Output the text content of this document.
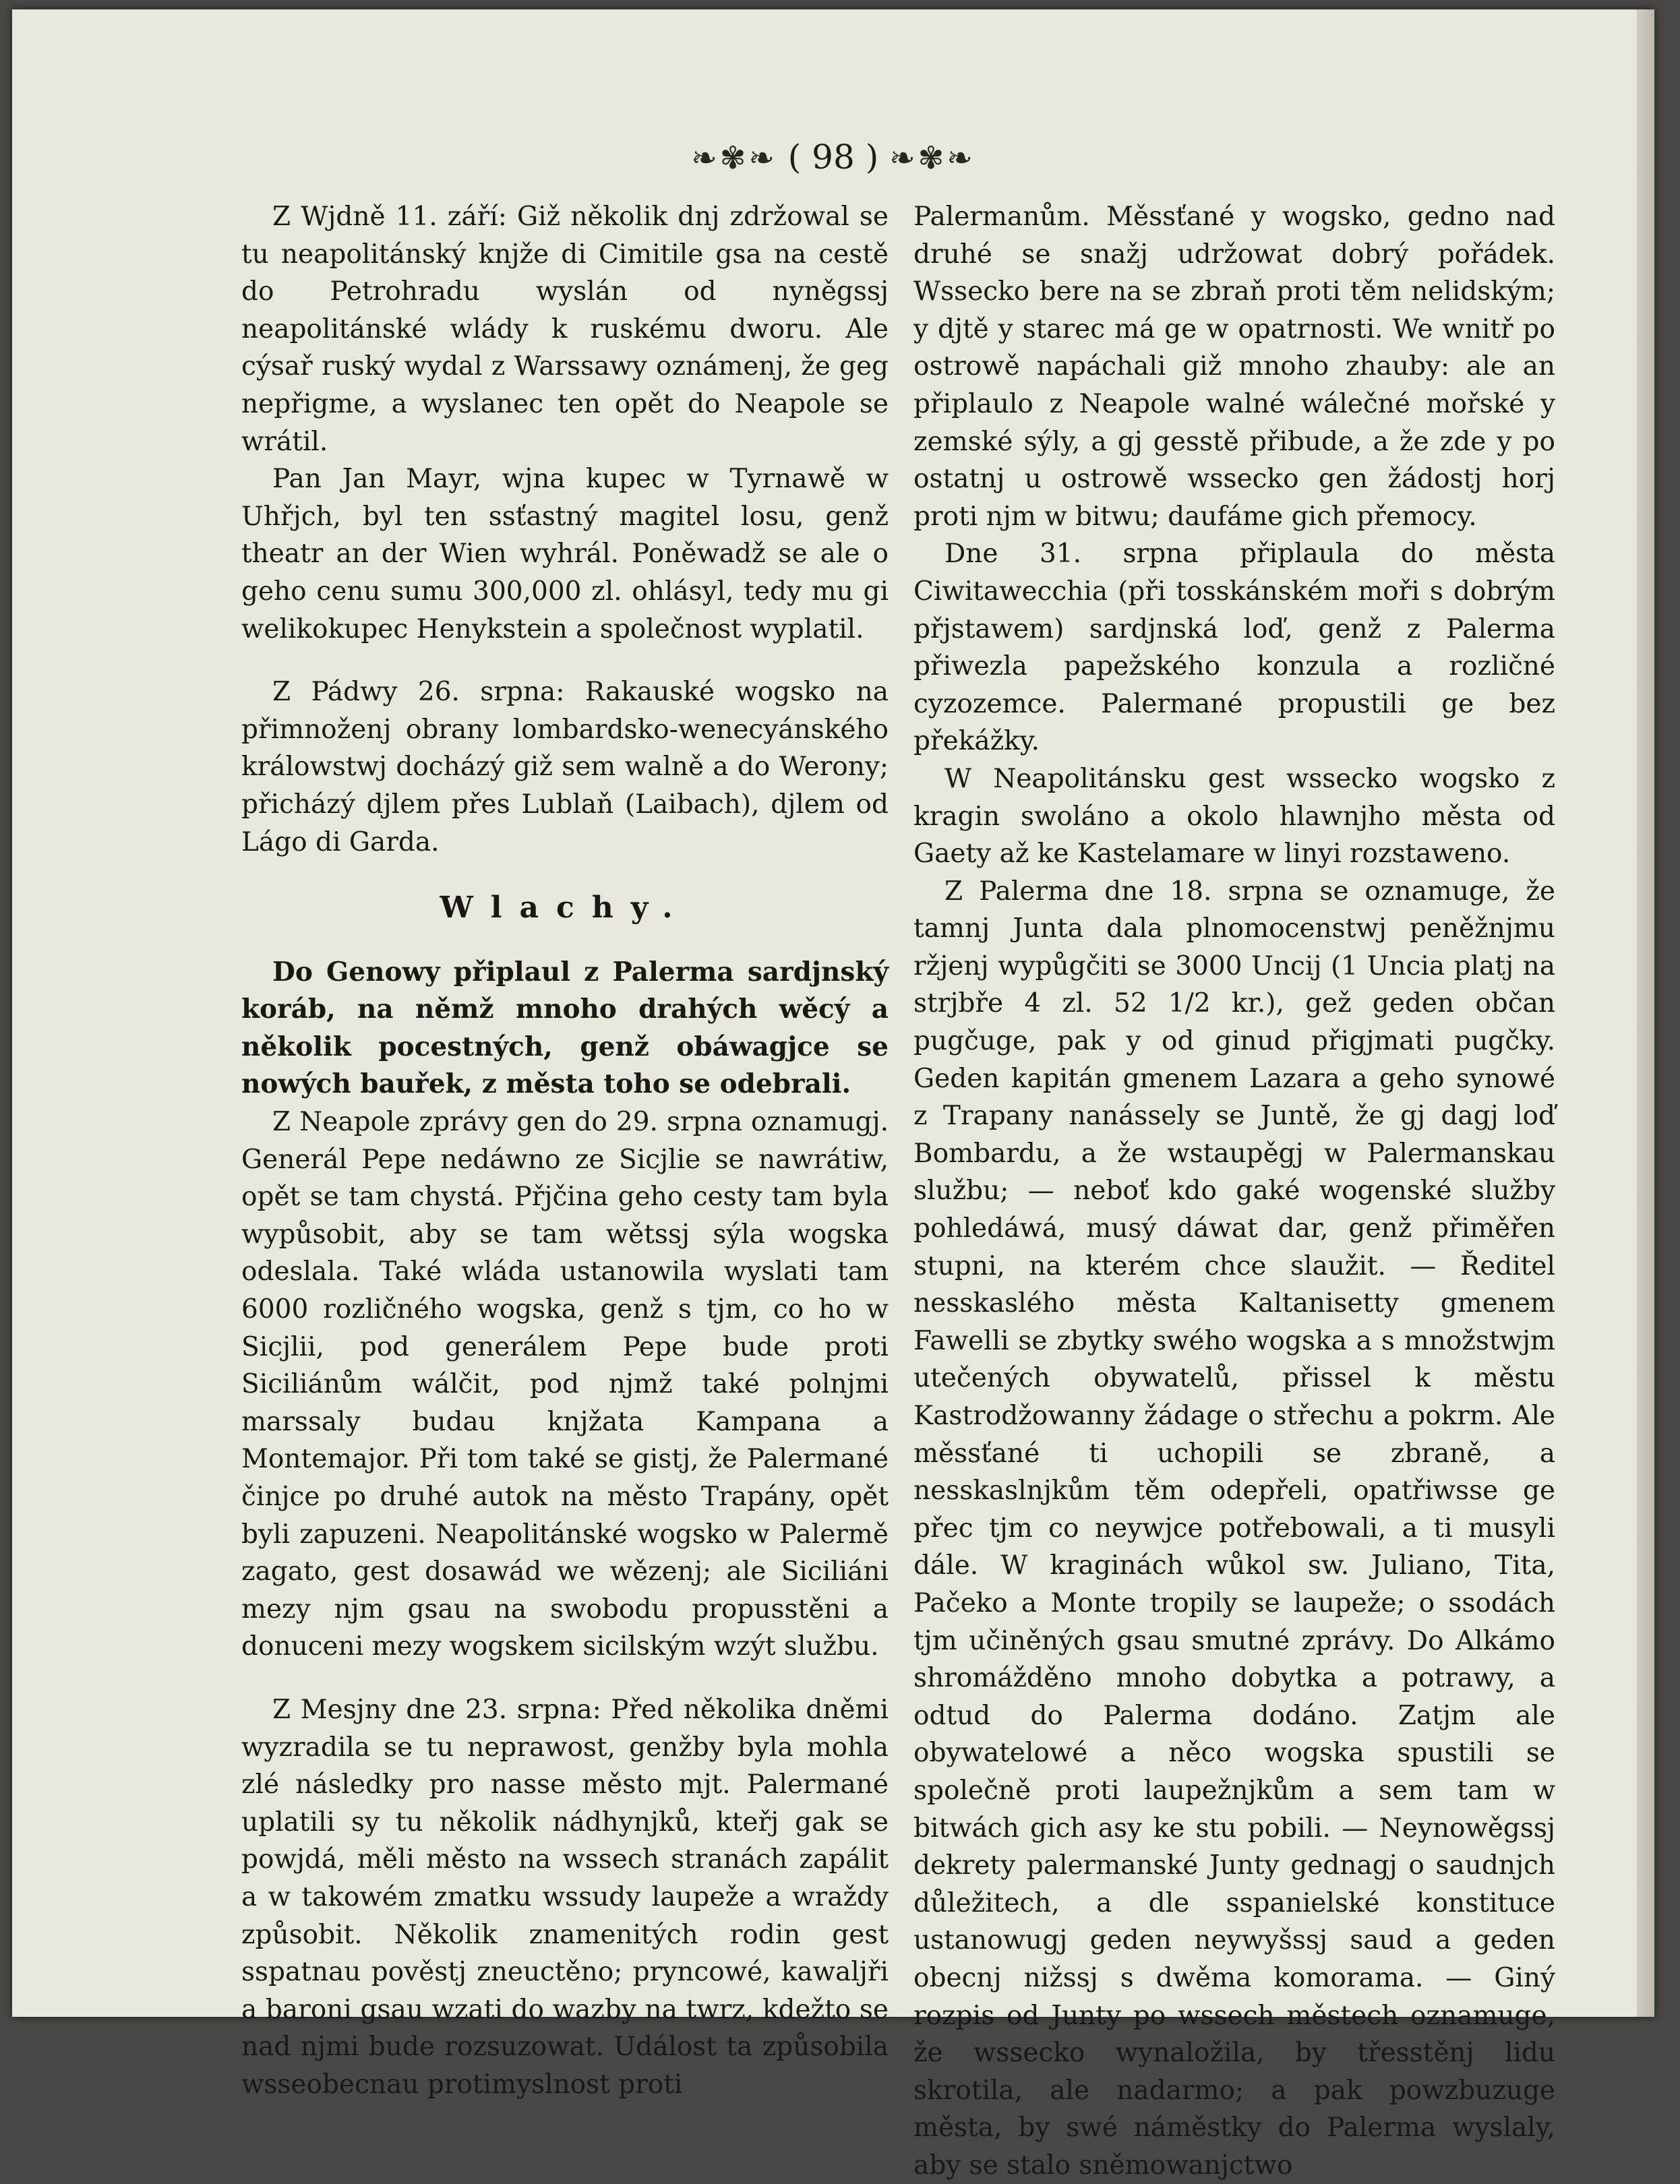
❧✾❧ ( 98 ) ❧✾❧

Z Wjdně 11. září: Giž několik dnj zdržowal se tu neapolitánský knjže di Cimitile gsa na cestě do Petrohradu wyslán od nyněgssj neapolitánské wlády k ruskému dworu. Ale cýsař ruský wydal z Warssawy oznámenj, že geg nepřigme, a wyslanec ten opět do Neapole se wrátil.

Pan Jan Mayr, wjna kupec w Tyrnawě w Uhřjch, byl ten ssťastný magitel losu, genž theatr an der Wien wyhrál. Poněwadž se ale o geho cenu sumu 300,000 zl. ohlásyl, tedy mu gi welikokupec Henykstein a společnost wyplatil.

Z Pádwy 26. srpna: Rakauské wogsko na přimnoženj obrany lombardsko-wenecyánského králowstwj docházý giž sem walně a do Werony; přicházý djlem přes Lublaň (Laibach), djlem od Lágo di Garda.

Wlachy.

Do Genowy připlaul z Palerma sardjnský koráb, na němž mnoho drahých wěcý a několik pocestných, genž obáwagjce se nowých bauřek, z města toho se odebrali.

Z Neapole zprávy gen do 29. srpna oznamugj. Generál Pepe nedáwno ze Sicjlie se nawrátiw, opět se tam chystá. Přjčina geho cesty tam byla wypůsobit, aby se tam wětssj sýla wogska odeslala. Také wláda ustanowila wyslati tam 6000 rozličného wogska, genž s tjm, co ho w Sicjlii, pod generálem Pepe bude proti Siciliánům wálčit, pod njmž také polnjmi marssaly budau knjžata Kampana a Montemajor. Při tom také se gistj, že Palermané činjce po druhé autok na město Trapány, opět byli zapuzeni. Neapolitánské wogsko w Palermě zagato, gest dosawád we wězenj; ale Siciliáni mezy njm gsau na swobodu propusstěni a donuceni mezy wogskem sicilským wzýt službu.

Z Mesjny dne 23. srpna: Před několika dněmi wyzradila se tu neprawost, genžby byla mohla zlé následky pro nasse město mjt. Palermané uplatili sy tu několik nádhynjků, kteřj gak se powjdá, měli město na wssech stranách zapálit a w takowém zmatku wssudy laupeže a wraždy způsobit. Několik znamenitých rodin gest sspatnau pověstj zneuctěno; pryncowé, kawaljři a baroni gsau wzati do wazby na twrz, kdežto se nad njmi bude rozsuzowat. Událost ta způsobila wsseobecnau protimyslnost proti

Palermanům. Měssťané y wogsko, gedno nad druhé se snažj udržowat dobrý pořádek. Wssecko bere na se zbraň proti těm nelidským; y djtě y starec má ge w opatrnosti. We wnitř po ostrowě napáchali giž mnoho zhauby: ale an připlaulo z Neapole walné wálečné mořské y zemské sýly, a gj gesstě přibude, a že zde y po ostatnj u ostrowě wssecko gen žádostj horj proti njm w bitwu; daufáme gich přemocy.

Dne 31. srpna připlaula do města Ciwitawecchia (při tosskánském moři s dobrým přjstawem) sardjnská loď, genž z Palerma přiwezla papežského konzula a rozličné cyzozemce. Palermané propustili ge bez překážky.

W Neapolitánsku gest wssecko wogsko z kragin swoláno a okolo hlawnjho města od Gaety až ke Kastelamare w linyi rozstaweno.

Z Palerma dne 18. srpna se oznamuge, že tamnj Junta dala plnomocenstwj peněžnjmu ržjenj wypůgčiti se 3000 Uncij (1 Uncia platj na strjbře 4 zl. 52 1/2 kr.), gež geden občan pugčuge, pak y od ginud přigjmati pugčky. Geden kapitán gmenem Lazara a geho synowé z Trapany nanássely se Juntě, že gj dagj loď Bombardu, a že wstaupěgj w Palermanskau službu; — neboť kdo gaké wogenské služby pohledáwá, musý dáwat dar, genž přiměřen stupni, na kterém chce slaužit. — Ředitel nesskaslého města Kaltanisetty gmenem Fawelli se zbytky swého wogska a s množstwjm utečených obywatelů, přissel k městu Kastrodžowanny žádage o střechu a pokrm. Ale měssťané ti uchopili se zbraně, a nesskaslnjkům těm odepřeli, opatřiwsse ge přec tjm co neywjce potřebowali, a ti musyli dále. W kraginách wůkol sw. Juliano, Tita, Pačeko a Monte tropily se laupeže; o ssodách tjm učiněných gsau smutné zprávy. Do Alkámo shromážděno mnoho dobytka a potrawy, a odtud do Palerma dodáno. Zatjm ale obywatelowé a něco wogska spustili se společně proti laupežnjkům a sem tam w bitwách gich asy ke stu pobili. — Neynowěgssj dekrety palermanské Junty gednagj o saudnjch důležitech, a dle sspanielské konstituce ustanowugj geden neywyšssj saud a geden obecnj nižssj s dwěma komorama. — Giný rozpis od Junty po wssech městech oznamuge, že wssecko wynaložila, by třesstěnj lidu skrotila, ale nadarmo; a pak powzbuzuge města, by swé náměstky do Palerma wyslaly, aby se stalo sněmowanjctwo
